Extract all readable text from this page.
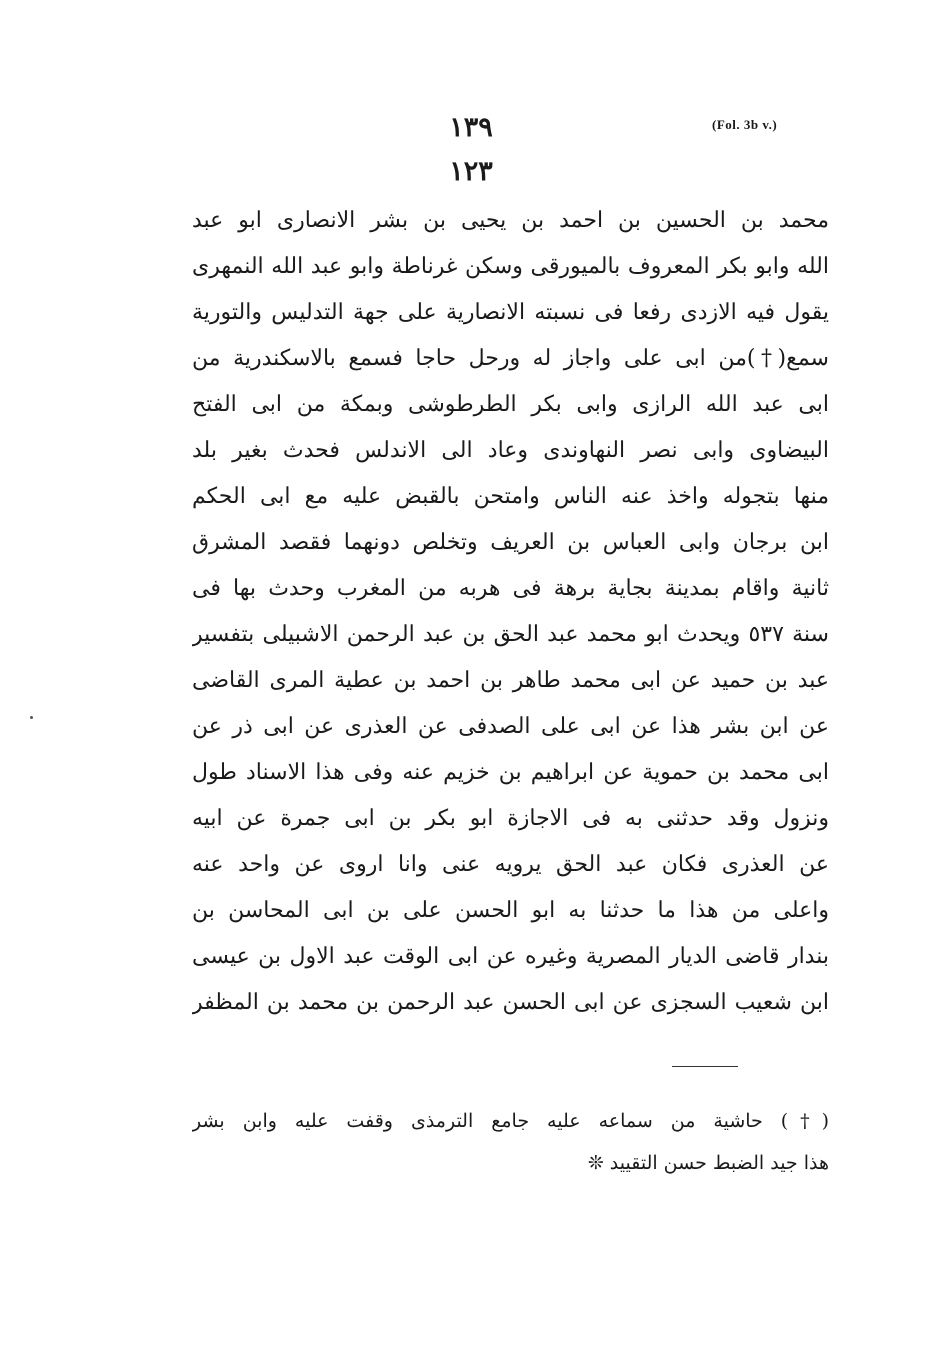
١٣٩	(Fol. 3b v.)
١٢٣
محمد بن الحسين بن احمد بن يحيى بن بشر الانصارى ابو عبد
الله وابو بكر المعروف بالميورقى وسكن غرناطة وابو عبد الله النمهرى
يقول فيه الازدى رفعا فى نسبته الانصارية على جهة التدليس والتورية
سمع(†)من ابى على واجاز له ورحل حاجا فسمع بالاسكندرية من
ابى عبد الله الرازى وابى بكر الطرطوشى وبمكة من ابى الفتح
البيضاوى وابى نصر النهاوندى وعاد الى الاندلس فحدث بغير بلد
منها بتجوله واخذ عنه الناس وامتحن بالقبض عليه مع ابى الحكم
ابن برجان وابى العباس بن العريف وتخلص دونهما فقصد المشرق
ثانية واقام بمدينة بجاية برهة فى هربه من المغرب وحدث بها فى
سنة ٥٣٧ ويحدث ابو محمد عبد الحق بن عبد الرحمن الاشبيلى بتفسير
عبد بن حميد عن ابى محمد طاهر بن احمد بن عطية المرى القاضى
عن ابن بشر هذا عن ابى على الصدفى عن العذرى عن ابى ذر عن
ابى محمد بن حموية عن ابراهيم بن خزيم عنه وفى هذا الاسناد طول
ونزول وقد حدثنى به فى الاجازة ابو بكر بن ابى جمرة عن ابيه
عن العذرى فكان عبد الحق يرويه عنى وانا اروى عن واحد عنه
واعلى من هذا ما حدثنا به ابو الحسن على بن ابى المحاسن بن
بندار قاضى الديار المصرية وغيره عن ابى الوقت عبد الاول بن عيسى
ابن شعيب السجزى عن ابى الحسن عبد الرحمن بن محمد بن المظفر
(†) حاشية من سماعه عليه جامع الترمذى وقفت عليه وابن بشر
هذا جيد الضبط حسن التقييد ❊
